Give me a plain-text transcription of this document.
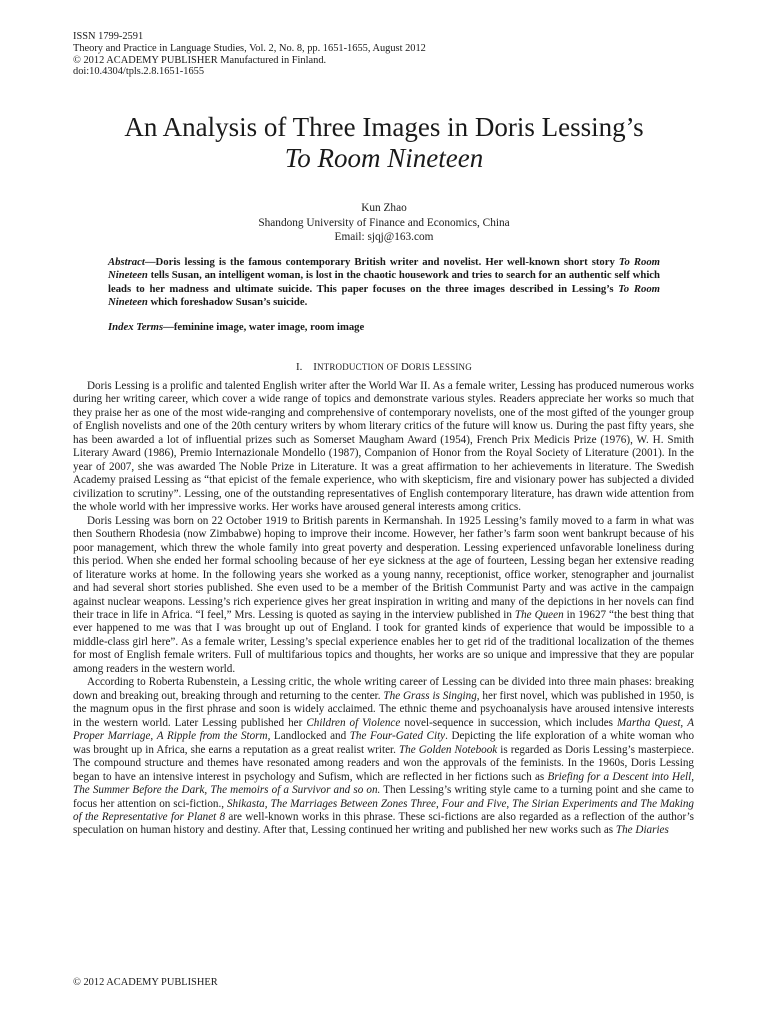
ISSN 1799-2591
Theory and Practice in Language Studies, Vol. 2, No. 8, pp. 1651-1655, August 2012
© 2012 ACADEMY PUBLISHER Manufactured in Finland.
doi:10.4304/tpls.2.8.1651-1655
An Analysis of Three Images in Doris Lessing’s
To Room Nineteen
Kun Zhao
Shandong University of Finance and Economics, China
Email: sjqj@163.com

Abstract—Doris lessing is the famous contemporary British writer and novelist. Her well-known short story To Room Nineteen tells Susan, an intelligent woman, is lost in the chaotic housework and tries to search for an authentic self which leads to her madness and ultimate suicide. This paper focuses on the three images described in Lessing’s To Room Nineteen which foreshadow Susan’s suicide.

Index Terms—feminine image, water image, room image

I. INTRODUCTION OF DORIS LESSING

Doris Lessing is a prolific and talented English writer after the World War II. As a female writer, Lessing has produced numerous works during her writing career, which cover a wide range of topics and demonstrate various styles. Readers appreciate her works so much that they praise her as one of the most wide-ranging and comprehensive of contemporary novelists, one of the most gifted of the younger group of English novelists and one of the 20th century writers by whom literary critics of the future will know us. During the past fifty years, she has been awarded a lot of influential prizes such as Somerset Maugham Award (1954), French Prix Medicis Prize (1976), W. H. Smith Literary Award (1986), Premio Internazionale Mondello (1987), Companion of Honor from the Royal Society of Literature (2001). In the year of 2007, she was awarded The Noble Prize in Literature. It was a great affirmation to her achievements in literature. The Swedish Academy praised Lessing as “that epicist of the female experience, who with skepticism, fire and visionary power has subjected a divided civilization to scrutiny”. Lessing, one of the outstanding representatives of English contemporary literature, has drawn wide attention from the whole world with her impressive works. Her works have aroused general interests among critics.

Doris Lessing was born on 22 October 1919 to British parents in Kermanshah. In 1925 Lessing’s family moved to a farm in what was then Southern Rhodesia (now Zimbabwe) hoping to improve their income. However, her father’s farm soon went bankrupt because of his poor management, which threw the whole family into great poverty and desperation. Lessing experienced unfavorable loneliness during this period. When she ended her formal schooling because of her eye sickness at the age of fourteen, Lessing began her extensive reading of literature works at home. In the following years she worked as a young nanny, receptionist, office worker, stenographer and journalist and had several short stories published. She even used to be a member of the British Communist Party and was active in the campaign against nuclear weapons. Lessing’s rich experience gives her great inspiration in writing and many of the depictions in her novels can find their trace in life in Africa. “I feel,” Mrs. Lessing is quoted as saying in the interview published in The Queen in 19627 “the best thing that ever happened to me was that I was brought up out of England. I took for granted kinds of experience that would be impossible to a middle-class girl here”. As a female writer, Lessing’s special experience enables her to get rid of the traditional localization of the themes for most of English female writers. Full of multifarious topics and thoughts, her works are so unique and impressive that they are popular among readers in the western world.

According to Roberta Rubenstein, a Lessing critic, the whole writing career of Lessing can be divided into three main phases: breaking down and breaking out, breaking through and returning to the center. The Grass is Singing, her first novel, which was published in 1950, is the magnum opus in the first phrase and soon is widely acclaimed. The ethnic theme and psychoanalysis have aroused intensive interests in the western world. Later Lessing published her Children of Violence novel-sequence in succession, which includes Martha Quest, A Proper Marriage, A Ripple from the Storm, Landlocked and The Four-Gated City. Depicting the life exploration of a white woman who was brought up in Africa, she earns a reputation as a great realist writer. The Golden Notebook is regarded as Doris Lessing’s masterpiece. The compound structure and themes have resonated among readers and won the approvals of the feminists. In the 1960s, Doris Lessing began to have an intensive interest in psychology and Sufism, which are reflected in her fictions such as Briefing for a Descent into Hell, The Summer Before the Dark, The memoirs of a Survivor and so on. Then Lessing’s writing style came to a turning point and she came to focus her attention on sci-fiction., Shikasta, The Marriages Between Zones Three, Four and Five, The Sirian Experiments and The Making of the Representative for Planet 8 are well-known works in this phrase. These sci-fictions are also regarded as a reflection of the author’s speculation on human history and destiny. After that, Lessing continued her writing and published her new works such as The Diaries

© 2012 ACADEMY PUBLISHER
